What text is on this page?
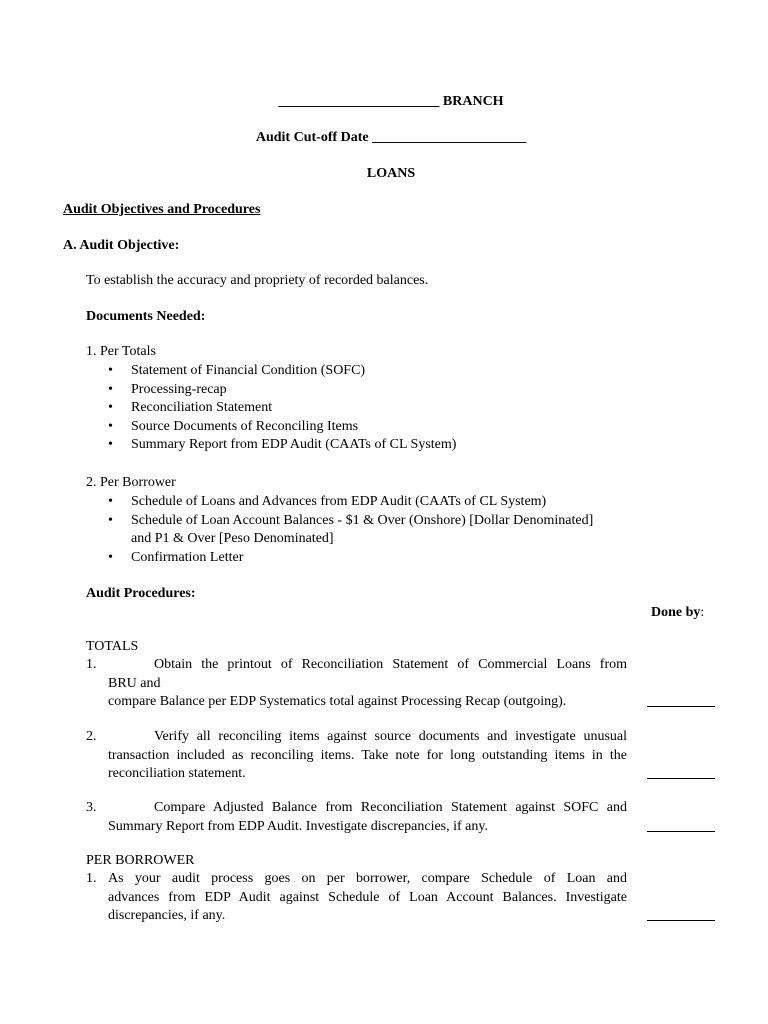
_______________________ BRANCH
Audit Cut-off Date ______________________
LOANS
Audit Objectives and Procedures
A. Audit Objective:
To establish the accuracy and propriety of recorded balances.
Documents Needed:
1. Per Totals
• Statement of Financial Condition (SOFC)
• Processing-recap
• Reconciliation Statement
• Source Documents of Reconciling Items
• Summary Report from EDP Audit (CAATs of CL System)
2. Per Borrower
• Schedule of Loans and Advances from EDP Audit (CAATs of CL System)
• Schedule of Loan Account Balances - $1 & Over (Onshore) [Dollar Denominated]
and P1 & Over [Peso Denominated]
• Confirmation Letter
Audit Procedures:
Done by:
TOTALS
1.	Obtain the printout of Reconciliation Statement of Commercial Loans from
BRU and
compare Balance per EDP Systematics total against Processing Recap (outgoing).
2.	Verify all reconciling items against source documents and investigate unusual
transaction included as reconciling items. Take note for long outstanding items in the
reconciliation statement.
3.	Compare Adjusted Balance from Reconciliation Statement against SOFC and
Summary Report from EDP Audit. Investigate discrepancies, if any.
PER BORROWER
1. As your audit process goes on per borrower, compare Schedule of Loan and
advances from EDP Audit against Schedule of Loan Account Balances. Investigate
discrepancies, if any.
